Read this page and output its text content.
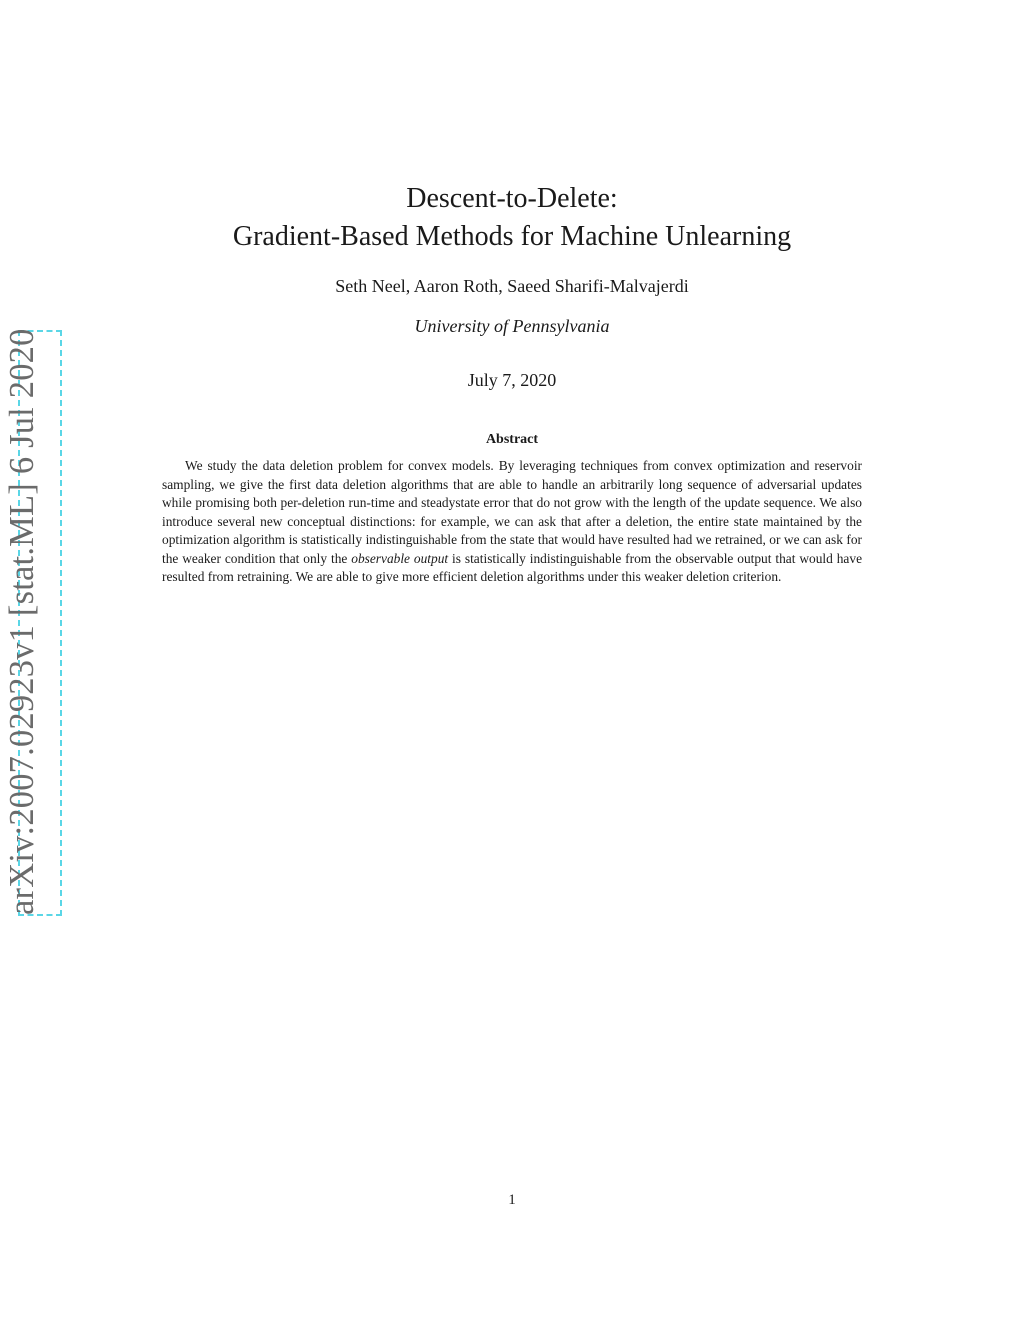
arXiv:2007.02923v1 [stat.ML] 6 Jul 2020
Descent-to-Delete:
Gradient-Based Methods for Machine Unlearning
Seth Neel, Aaron Roth, Saeed Sharifi-Malvajerdi
University of Pennsylvania
July 7, 2020
Abstract
We study the data deletion problem for convex models. By leveraging techniques from convex optimization and reservoir sampling, we give the first data deletion algorithms that are able to handle an arbitrarily long sequence of adversarial updates while promising both per-deletion run-time and steadystate error that do not grow with the length of the update sequence. We also introduce several new conceptual distinctions: for example, we can ask that after a deletion, the entire state maintained by the optimization algorithm is statistically indistinguishable from the state that would have resulted had we retrained, or we can ask for the weaker condition that only the observable output is statistically indistinguishable from the observable output that would have resulted from retraining. We are able to give more efficient deletion algorithms under this weaker deletion criterion.
1
